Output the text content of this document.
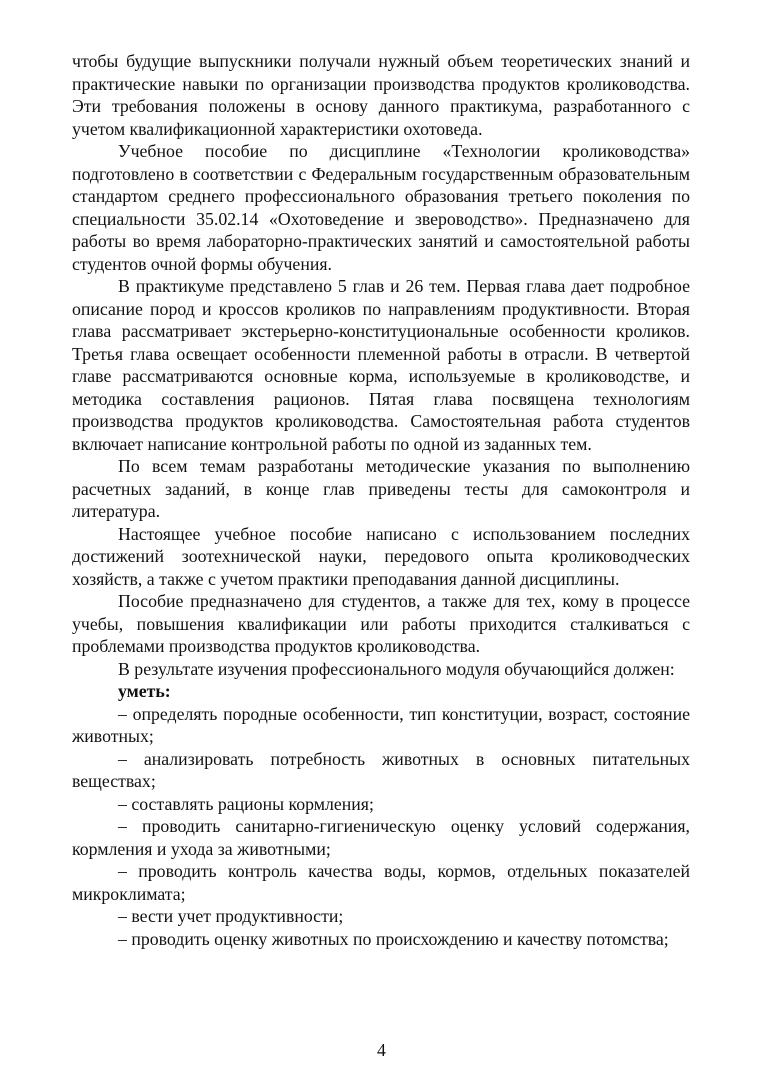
чтобы будущие выпускники получали нужный объем теоретических знаний и практические навыки по организации производства продуктов кролиководства. Эти требования положены в основу данного практикума, разработанного с учетом квалификационной характеристики охотоведа.

Учебное пособие по дисциплине «Технологии кролиководства» подготовлено в соответствии с Федеральным государственным образовательным стандартом среднего профессионального образования третьего поколения по специальности 35.02.14 «Охотоведение и звероводство». Предназначено для работы во время лабораторно-практических занятий и самостоятельной работы студентов очной формы обучения.

В практикуме представлено 5 глав и 26 тем. Первая глава дает подробное описание пород и кроссов кроликов по направлениям продуктивности. Вторая глава рассматривает экстерьерно-конституциональные особенности кроликов. Третья глава освещает особенности племенной работы в отрасли. В четвертой главе рассматриваются основные корма, используемые в кролиководстве, и методика составления рационов. Пятая глава посвящена технологиям производства продуктов кролиководства. Самостоятельная работа студентов включает написание контрольной работы по одной из заданных тем.

По всем темам разработаны методические указания по выполнению расчетных заданий, в конце глав приведены тесты для самоконтроля и литература.

Настоящее учебное пособие написано с использованием последних достижений зоотехнической науки, передового опыта кролиководческих хозяйств, а также с учетом практики преподавания данной дисциплины.

Пособие предназначено для студентов, а также для тех, кому в процессе учебы, повышения квалификации или работы приходится сталкиваться с проблемами производства продуктов кролиководства.

В результате изучения профессионального модуля обучающийся должен:

уметь:

– определять породные особенности, тип конституции, возраст, состояние животных;

– анализировать потребность животных в основных питательных веществах;

– составлять рационы кормления;

– проводить санитарно-гигиеническую оценку условий содержания, кормления и ухода за животными;

– проводить контроль качества воды, кормов, отдельных показателей микроклимата;

– вести учет продуктивности;

– проводить оценку животных по происхождению и качеству потомства;

4
